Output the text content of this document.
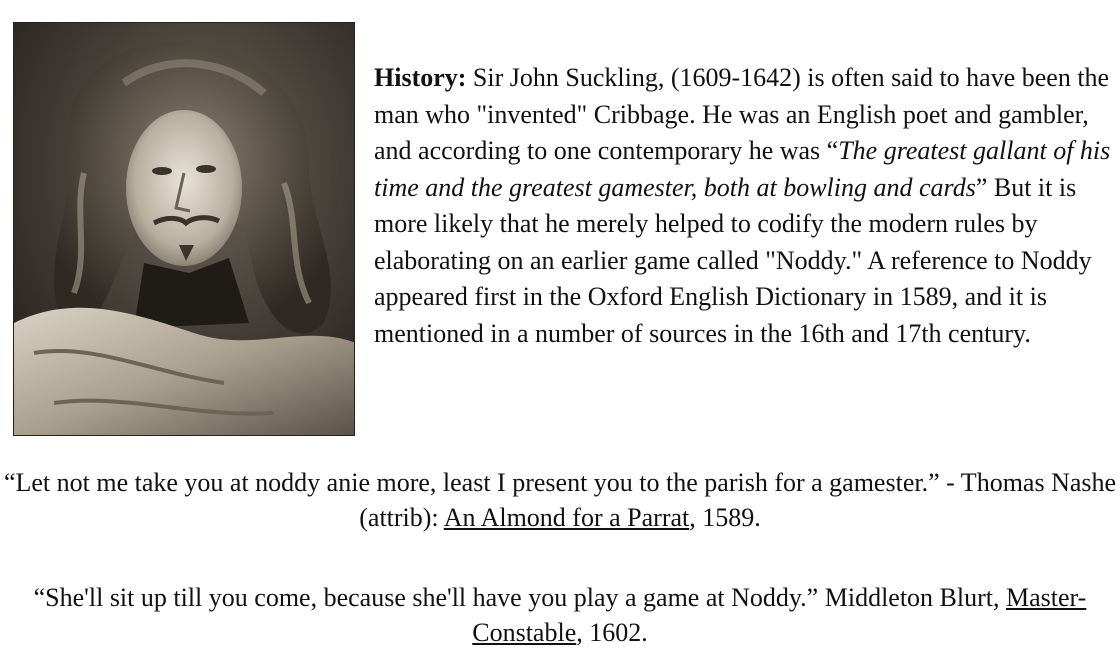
History: Sir John Suckling, (1609-1642) is often said to have been the man who "invented" Cribbage. He was an English poet and gambler, and according to one contemporary he was “The greatest gallant of his time and the greatest gamester, both at bowling and cards” But it is more likely that he merely helped to codify the modern rules by elaborating on an earlier game called "Noddy." A reference to Noddy appeared first in the Oxford English Dictionary in 1589, and it is mentioned in a number of sources in the 16th and 17th century.

“Let not me take you at noddy anie more, least I present you to the parish for a gamester.” - Thomas Nashe (attrib): An Almond for a Parrat, 1589.

“She'll sit up till you come, because she'll have you play a game at Noddy.” Middleton Blurt, Master-Constable, 1602.
